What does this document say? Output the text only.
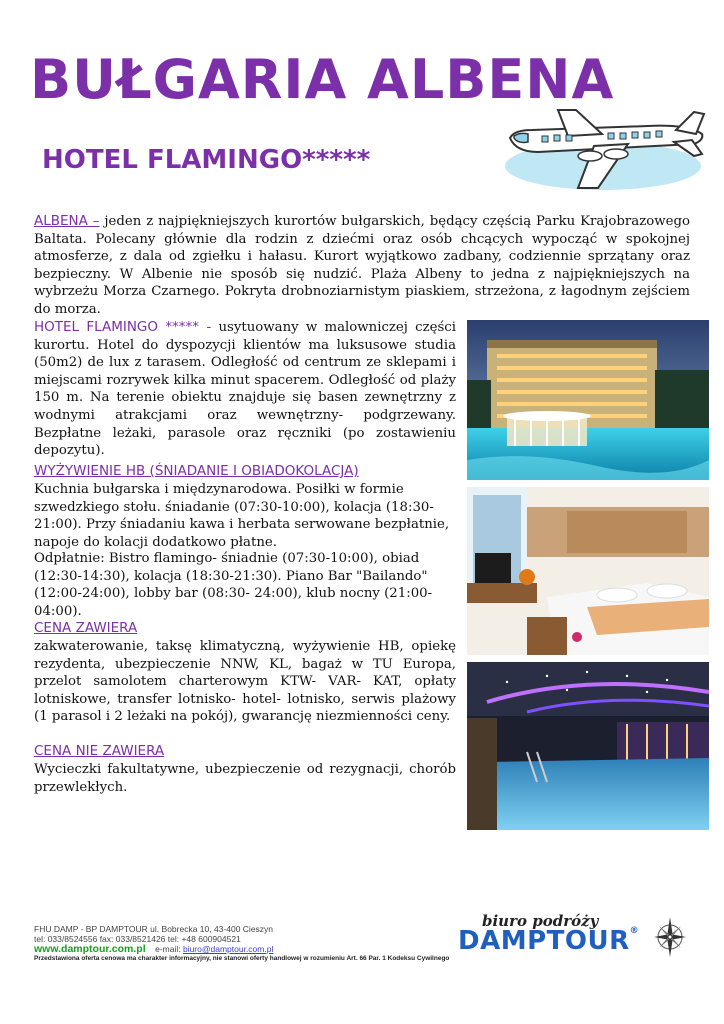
BUŁGARIA ALBENA
HOTEL FLAMINGO*****

ALBENA – jeden z najpiękniejszych kurortów bułgarskich, będący częścią Parku Krajobrazowego Baltata. Polecany głównie dla rodzin z dziećmi oraz osób chcących wypocząć w spokojnej atmosferze, z dala od zgiełku i hałasu. Kurort wyjątkowo zadbany, codziennie sprzątany oraz bezpieczny. W Albenie nie sposób się nudzić. Plaża Albeny to jedna z najpiękniejszych na wybrzeżu Morza Czarnego. Pokryta drobnoziarnistym piaskiem, strzeżona, z łagodnym zejściem do morza.

HOTEL FLAMINGO ***** - usytuowany w malowniczej części kurortu. Hotel do dyspozycji klientów ma luksusowe studia (50m2) de lux z tarasem. Odległość od centrum ze sklepami i miejscami rozrywek kilka minut spacerem. Odległość od plaży 150 m. Na terenie obiektu znajduje się basen zewnętrzny z wodnymi atrakcjami oraz wewnętrzny- podgrzewany. Bezpłatne leżaki, parasole oraz ręczniki (po zostawieniu depozytu).

WYŻYWIENIE HB (ŚNIADANIE I OBIADOKOLACJA)

Kuchnia bułgarska i międzynarodowa. Posiłki w formie szwedzkiego stołu. śniadanie (07:30-10:00), kolacja (18:30-21:00). Przy śniadaniu kawa i herbata serwowane bezpłatnie, napoje do kolacji dodatkowo płatne.

Odpłatnie: Bistro flamingo- śniadnie (07:30-10:00), obiad (12:30-14:30), kolacja (18:30-21:30). Piano Bar "Bailando" (12:00-24:00), lobby bar (08:30- 24:00), klub nocny (21:00- 04:00).

CENA ZAWIERA

zakwaterowanie, taksę klimatyczną, wyżywienie HB, opiekę rezydenta, ubezpieczenie NNW, KL, bagaż w TU Europa, przelot samolotem charterowym KTW- VAR- KAT, opłaty lotniskowe, transfer lotnisko- hotel- lotnisko, serwis plażowy (1 parasol i 2 leżaki na pokój), gwarancję niezmienności ceny.

CENA NIE ZAWIERA

Wycieczki fakultatywne, ubezpieczenie od rezygnacji, chorób przewlekłych.

FHU DAMP - BP DAMPTOUR ul. Bobrecka 10, 43-400 Cieszyn
tel: 033/8524556 fax: 033/8521426 tel: +48 600904521
www.damptour.com.pl e-mail: biuro@damptour.com.pl
Przedstawiona oferta cenowa ma charakter informacyjny, nie stanowi oferty handlowej w rozumieniu Art. 66 Par. 1 Kodeksu Cywilnego
biuro podróży
DAMPTOUR®
